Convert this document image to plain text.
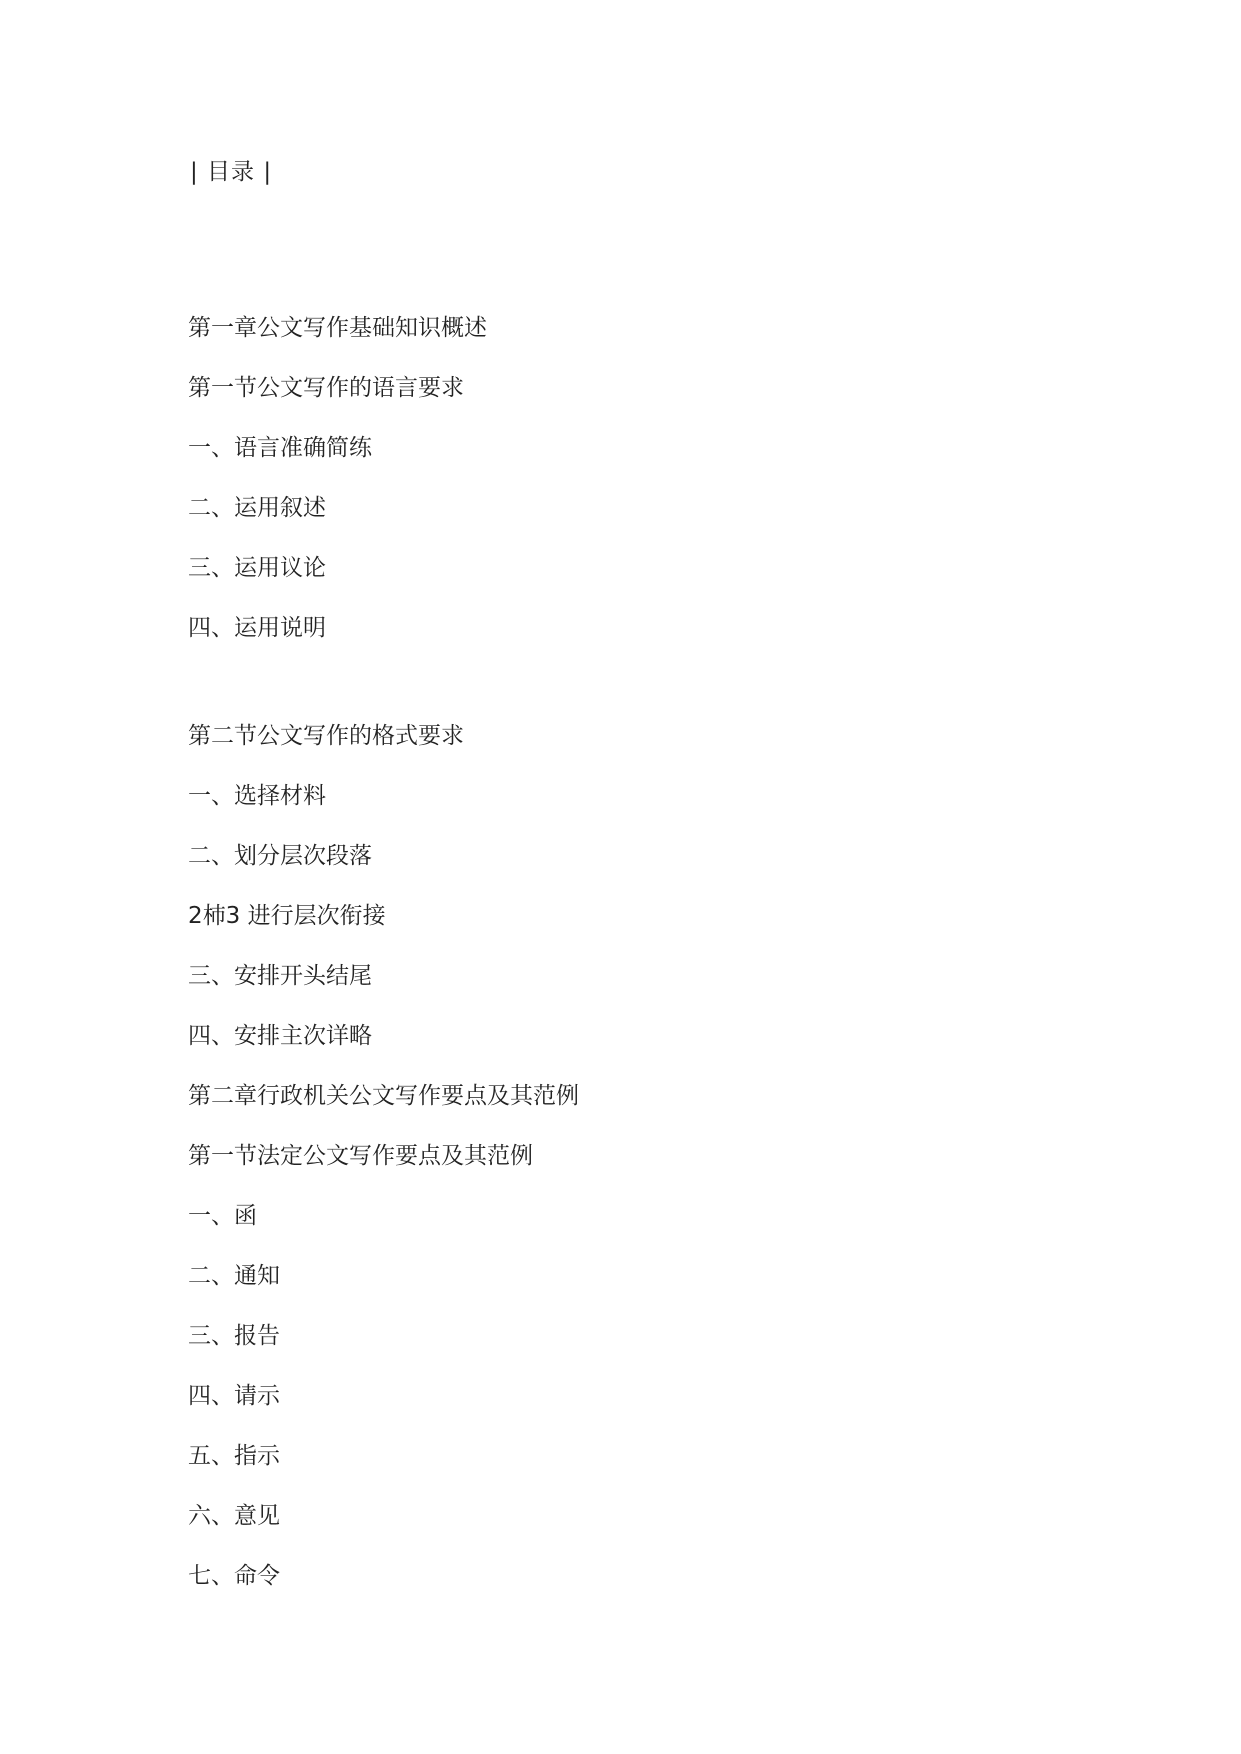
| 目录 |
第一章公文写作基础知识概述
第一节公文写作的语言要求
一、语言准确简练
二、运用叙述
三、运用议论
四、运用说明
第二节公文写作的格式要求
一、选择材料
二、划分层次段落
2杮3 进行层次衔接
三、安排开头结尾
四、安排主次详略
第二章行政机关公文写作要点及其范例
第一节法定公文写作要点及其范例
一、函
二、通知
三、报告
四、请示
五、指示
六、意见
七、命令
